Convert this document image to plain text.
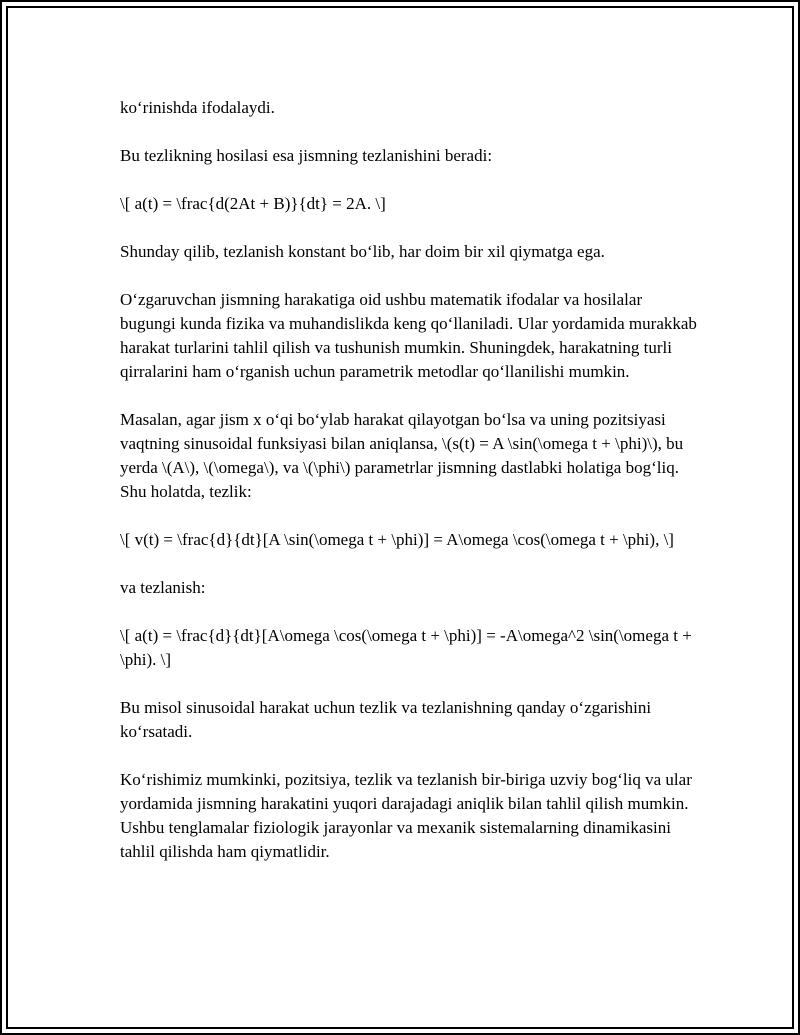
ko‘rinishda ifodalaydi.

Bu tezlikning hosilasi esa jismning tezlanishini beradi:

\[ a(t) = \frac{d(2At + B)}{dt} = 2A. \]

Shunday qilib, tezlanish konstant bo‘lib, har doim bir xil qiymatga ega.

O‘zgaruvchan jismning harakatiga oid ushbu matematik ifodalar va hosilalar bugungi kunda fizika va muhandislikda keng qo‘llaniladi. Ular yordamida murakkab harakat turlarini tahlil qilish va tushunish mumkin. Shuningdek, harakatning turli qirralarini ham o‘rganish uchun parametrik metodlar qo‘llanilishi mumkin.

Masalan, agar jism x o‘qi bo‘ylab harakat qilayotgan bo‘lsa va uning pozitsiyasi vaqtning sinusoidal funksiyasi bilan aniqlansa, \(s(t) = A \sin(\omega t + \phi)\), bu yerda \(A\), \(\omega\), va \(\phi\) parametrlar jismning dastlabki holatiga bog‘liq. Shu holatda, tezlik:

\[ v(t) = \frac{d}{dt}[A \sin(\omega t + \phi)] = A\omega \cos(\omega t + \phi), \]

va tezlanish:

\[ a(t) = \frac{d}{dt}[A\omega \cos(\omega t + \phi)] = -A\omega^2 \sin(\omega t + \phi). \]

Bu misol sinusoidal harakat uchun tezlik va tezlanishning qanday o‘zgarishini ko‘rsatadi.

Ko‘rishimiz mumkinki, pozitsiya, tezlik va tezlanish bir-biriga uzviy bog‘liq va ular yordamida jismning harakatini yuqori darajadagi aniqlik bilan tahlil qilish mumkin. Ushbu tenglamalar fiziologik jarayonlar va mexanik sistemalarning dinamikasini tahlil qilishda ham qiymatlidir.
